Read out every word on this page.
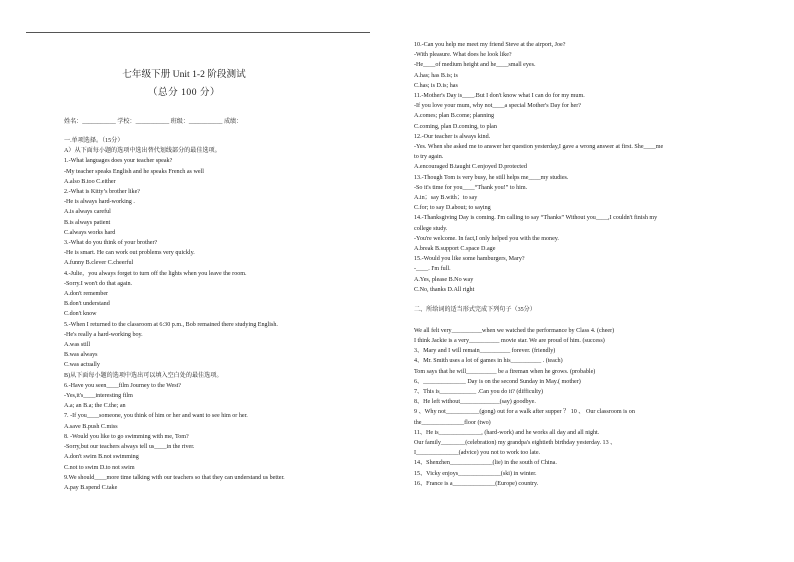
七年级下册 Unit 1-2 阶段测试
（总分 100 分）
姓名：___________ 学校：___________ 班级：___________ 成绩：
一.单项选择。（15分）
A）从下面每小题的选项中选出替代划线部分的最佳选项。
1.-What languages does your teacher speak?
-My teacher speaks English and he speaks French as well
A.also B.too C.either
2.-What is Kitty’s brother like?
-He is always hard-working .
A.is always careful
B.is always patient
C.always works hard
3.-What do you think of your brother?
-He is smart. He can work out problems very quickly.
A.funny B.clever C.cheerful
4.-Julie，you always forget to turn off the lights when you leave the room.
-Sorry.I won't do that again.
A.don't remember
B.don't understand
C.don't know
5.-When I returned to the classroom at 6:30 p.m., Bob remained there studying English.
-He's really a hard-working boy.
A.was still
B.was always
C.was actually
B)从下面每小题的选项中选出可以填入空白处的最佳选项。
6.-Have you seen____film Journey to the West?
-Yes,it's____interesting film
A.a; an B.a; the C.the; an
7. -If you____someone, you think of him or her and want to see him or her.
A.save B.push C.miss
8. -Would you like to go swimming with me, Tom?
-Sorry,but our teachers always tell us____in the river.
A.don't swim B.not swimming
C.not to swim D.to not swim
9.We should____more time talking with our teachers so that they can understand us better.
A.pay B.spend C.take
10.-Can you help me meet my friend Steve at the airport, Joe?
-With pleasure. What does he look like?
-He____of medium height and he____small eyes.
A.has; has B.is; is
C.has; is D.is; has
11.-Mother's Day is____.But I don't know what I can do for my mum.
-If you love your mum, why not____a special Mother's Day for her?
A.comes; plan B.come; planning
C.coming, plan D.coming, to plan
12.-Our teacher is always kind.
-Yes. When she asked me to answer her question yesterday,I gave a wrong answer at first. She____me
to try again.
A.encouraged B.taught C.enjoyed D.protected
13.-Though Tom is very busy, he still helps me____my studies.
-So it's time for you____“Thank you!” to him.
A.in；say B.with；to say
C.for; to say D.about; to saying
14.-Thanksgiving Day is coming. I'm calling to say “Thanks” Without you____,I couldn't finish my
college study.
-You're welcome. In fact,I only helped you with the money.
A.break B.support C.space D.age
15.-Would you like some hamburgers, Mary?
-____. I'm full.
A.Yes, please B.No way
C.No, thanks D.All right

二、所给词的适当形式完成下列句子（35分）

We all felt very__________when we watched the performance by Class 4. (cheer)
I think Jackie is a very__________ movie star. We are proud of him. (success)
3、Mary and I will remain__________ forever. (friendly)
4、Mr. Smith uses a lot of games in his__________ . (teach)
Tom says that he will__________ be a fireman when he grows. (probable)
6、______________ Day is on the second Sunday in May.( mother)
7、This is____________ .Can you do it? (difficulty)
8、He left without_____________(say) goodbye.
9 、Why not___________(gong) out for a walk after supper ？ 10 、 Our classroom is on
the______________floor (two)
11、He is______________, (hard-work) and he works all day and all night.
Our family________(celebration) my grandpa's eightieth birthday yesterday. 13 、
I______________(advice) you not to work too late.
14、Shenzhen______________(lie) in the south of China.
15、Vicky enjoys______________(ski) in winter.
16、France is a______________(Europe) country.
